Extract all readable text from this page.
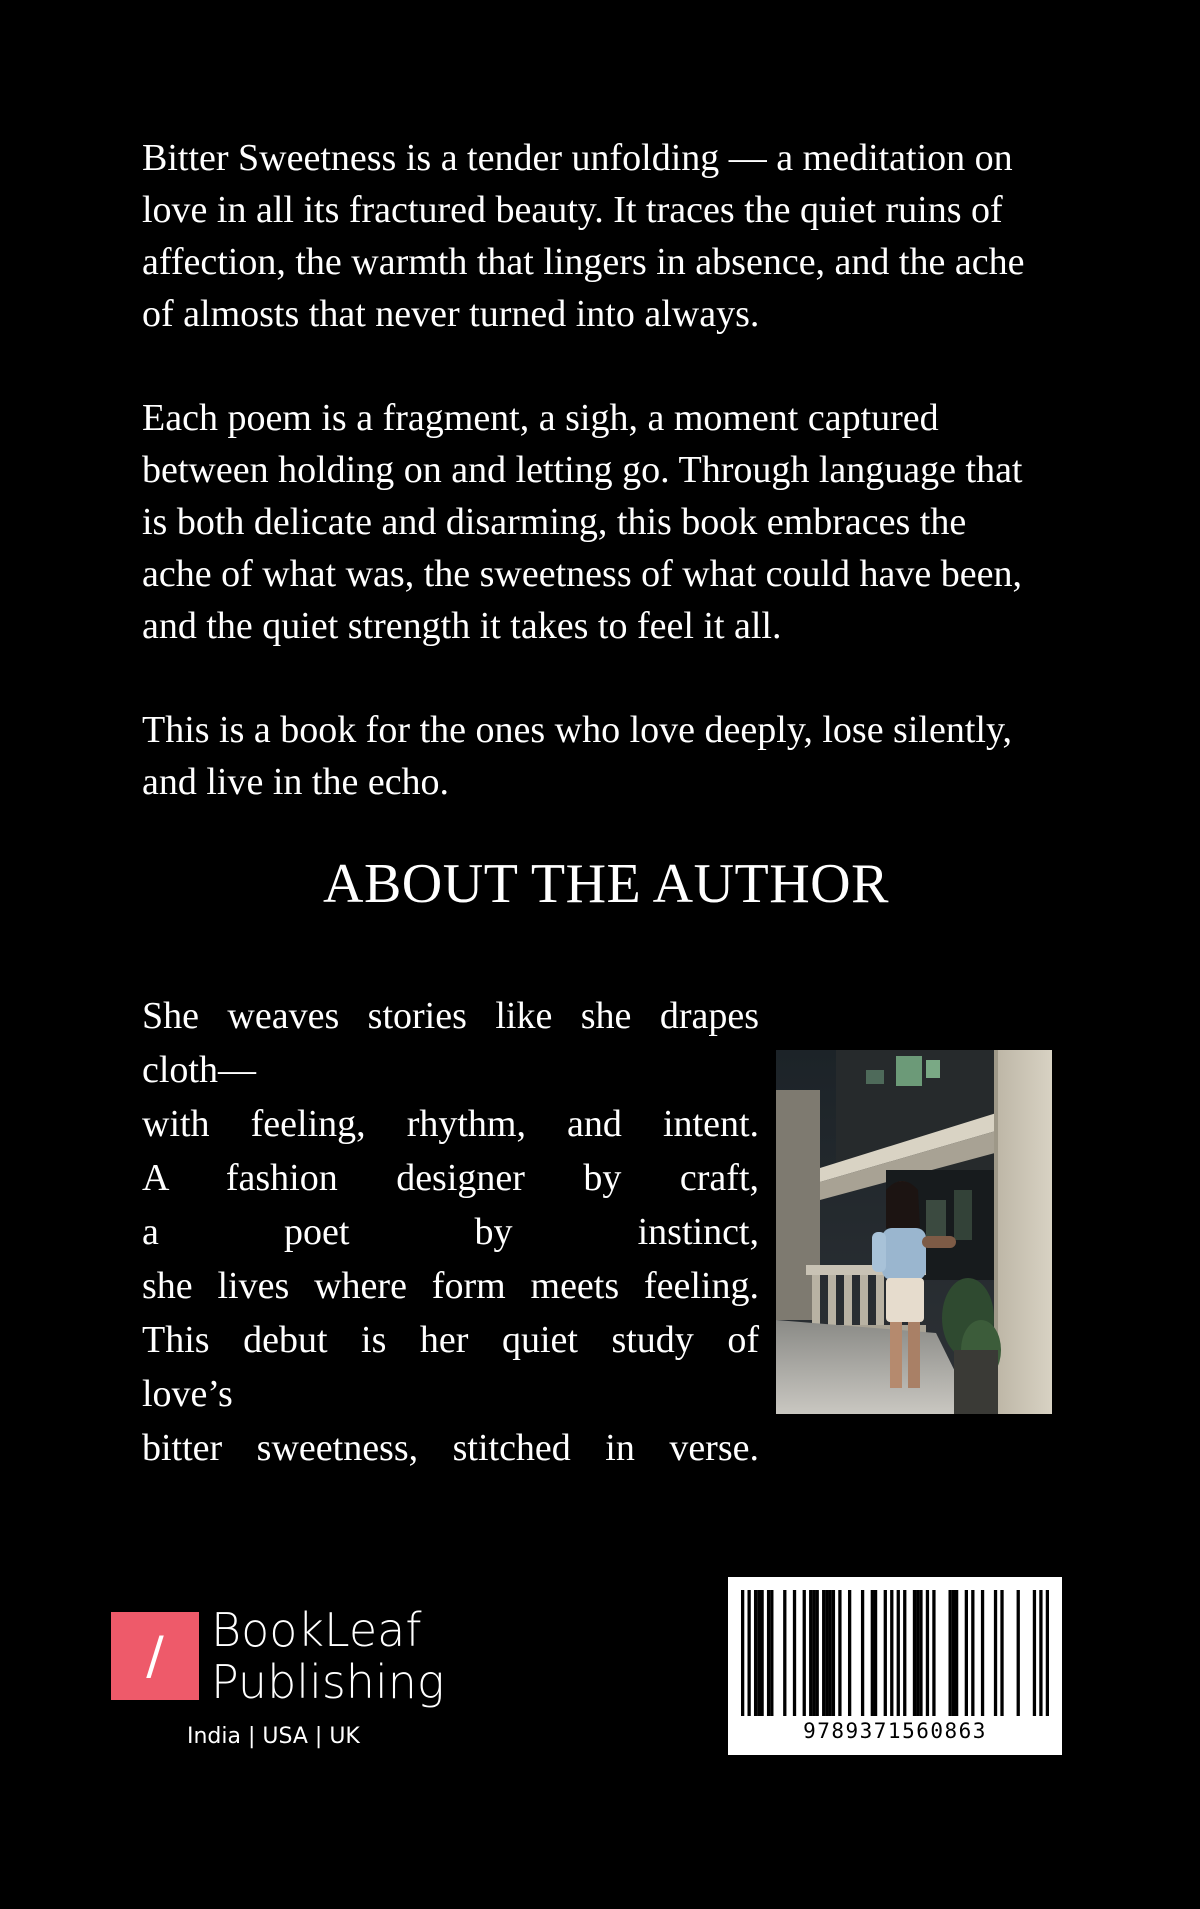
Bitter Sweetness is a tender unfolding — a meditation on
love in all its fractured beauty. It traces the quiet ruins of
affection, the warmth that lingers in absence, and the ache
of almosts that never turned into always.

Each poem is a fragment, a sigh, a moment captured
between holding on and letting go. Through language that
is both delicate and disarming, this book embraces the
ache of what was, the sweetness of what could have been,
and the quiet strength it takes to feel it all.

This is a book for the ones who love deeply, lose silently,
and live in the echo.

ABOUT THE AUTHOR
She weaves stories like she drapes
cloth—
with feeling, rhythm, and intent.
A fashion designer by craft,
a poet by instinct,
she lives where form meets feeling.
This debut is her quiet study of
love’s
bitter sweetness, stitched in verse.
/	BookLeaf
Publishing
India | USA | UK	9789371560863
